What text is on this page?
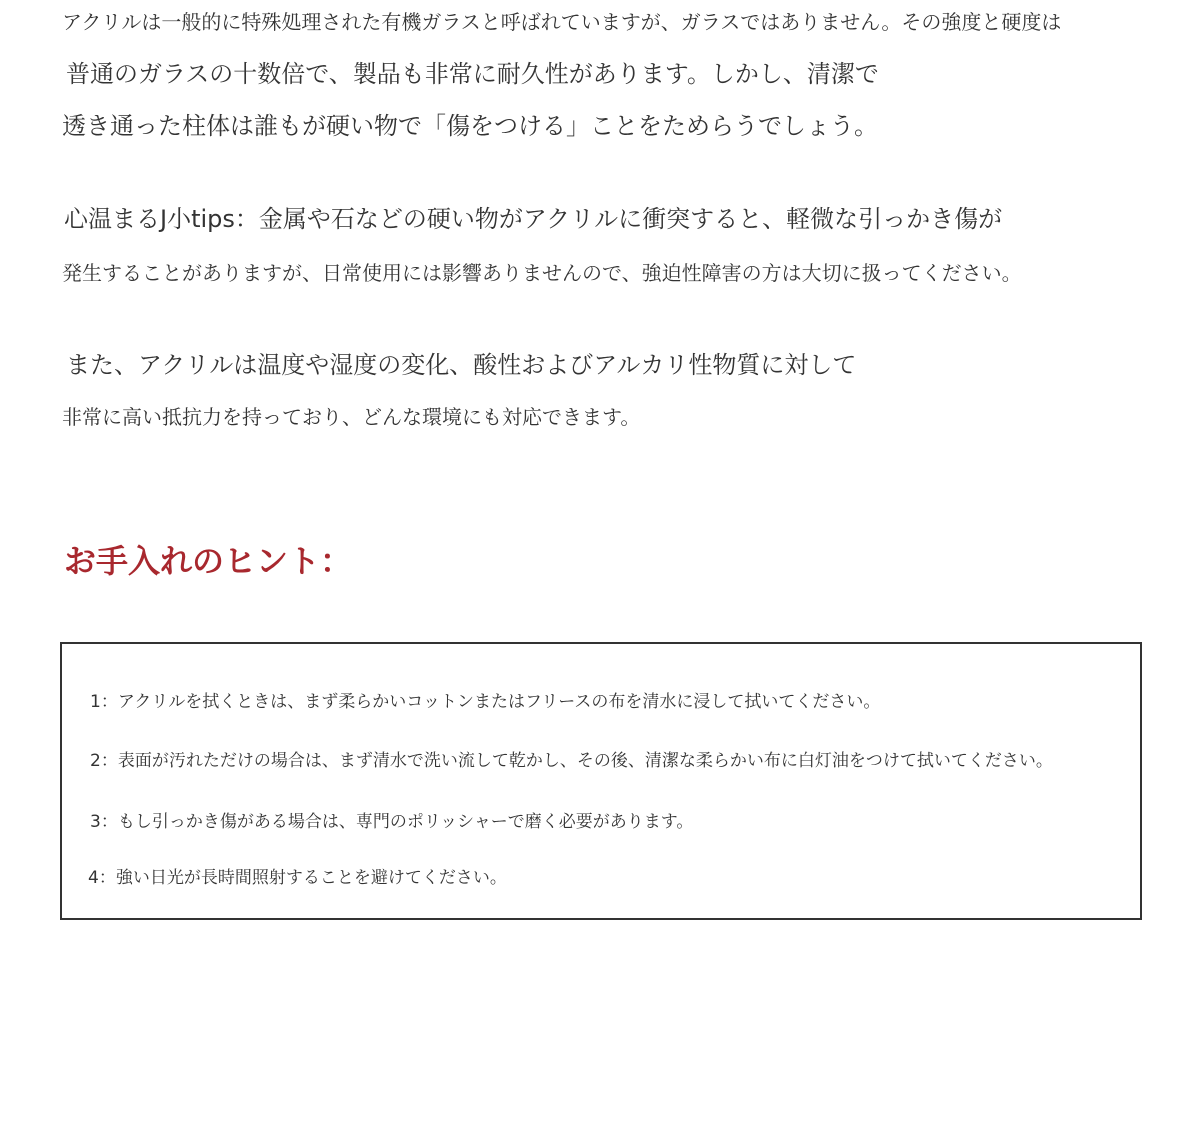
アクリルは一般的に特殊処理された有機ガラスと呼ばれていますが、ガラスではありません。その強度と硬度は

普通のガラスの十数倍で、製品も非常に耐久性があります。しかし、清潔で

透き通った柱体は誰もが硬い物で「傷をつける」ことをためらうでしょう。

心温まるJ小tips：金属や石などの硬い物がアクリルに衝突すると、軽微な引っかき傷が

発生することがありますが、日常使用には影響ありませんので、強迫性障害の方は大切に扱ってください。

また、アクリルは温度や湿度の変化、酸性およびアルカリ性物質に対して

非常に高い抵抗力を持っており、どんな環境にも対応できます。

お手入れのヒント：

1：アクリルを拭くときは、まず柔らかいコットンまたはフリースの布を清水に浸して拭いてください。

2：表面が汚れただけの場合は、まず清水で洗い流して乾かし、その後、清潔な柔らかい布に白灯油をつけて拭いてください。

3：もし引っかき傷がある場合は、専門のポリッシャーで磨く必要があります。

4：強い日光が長時間照射することを避けてください。
